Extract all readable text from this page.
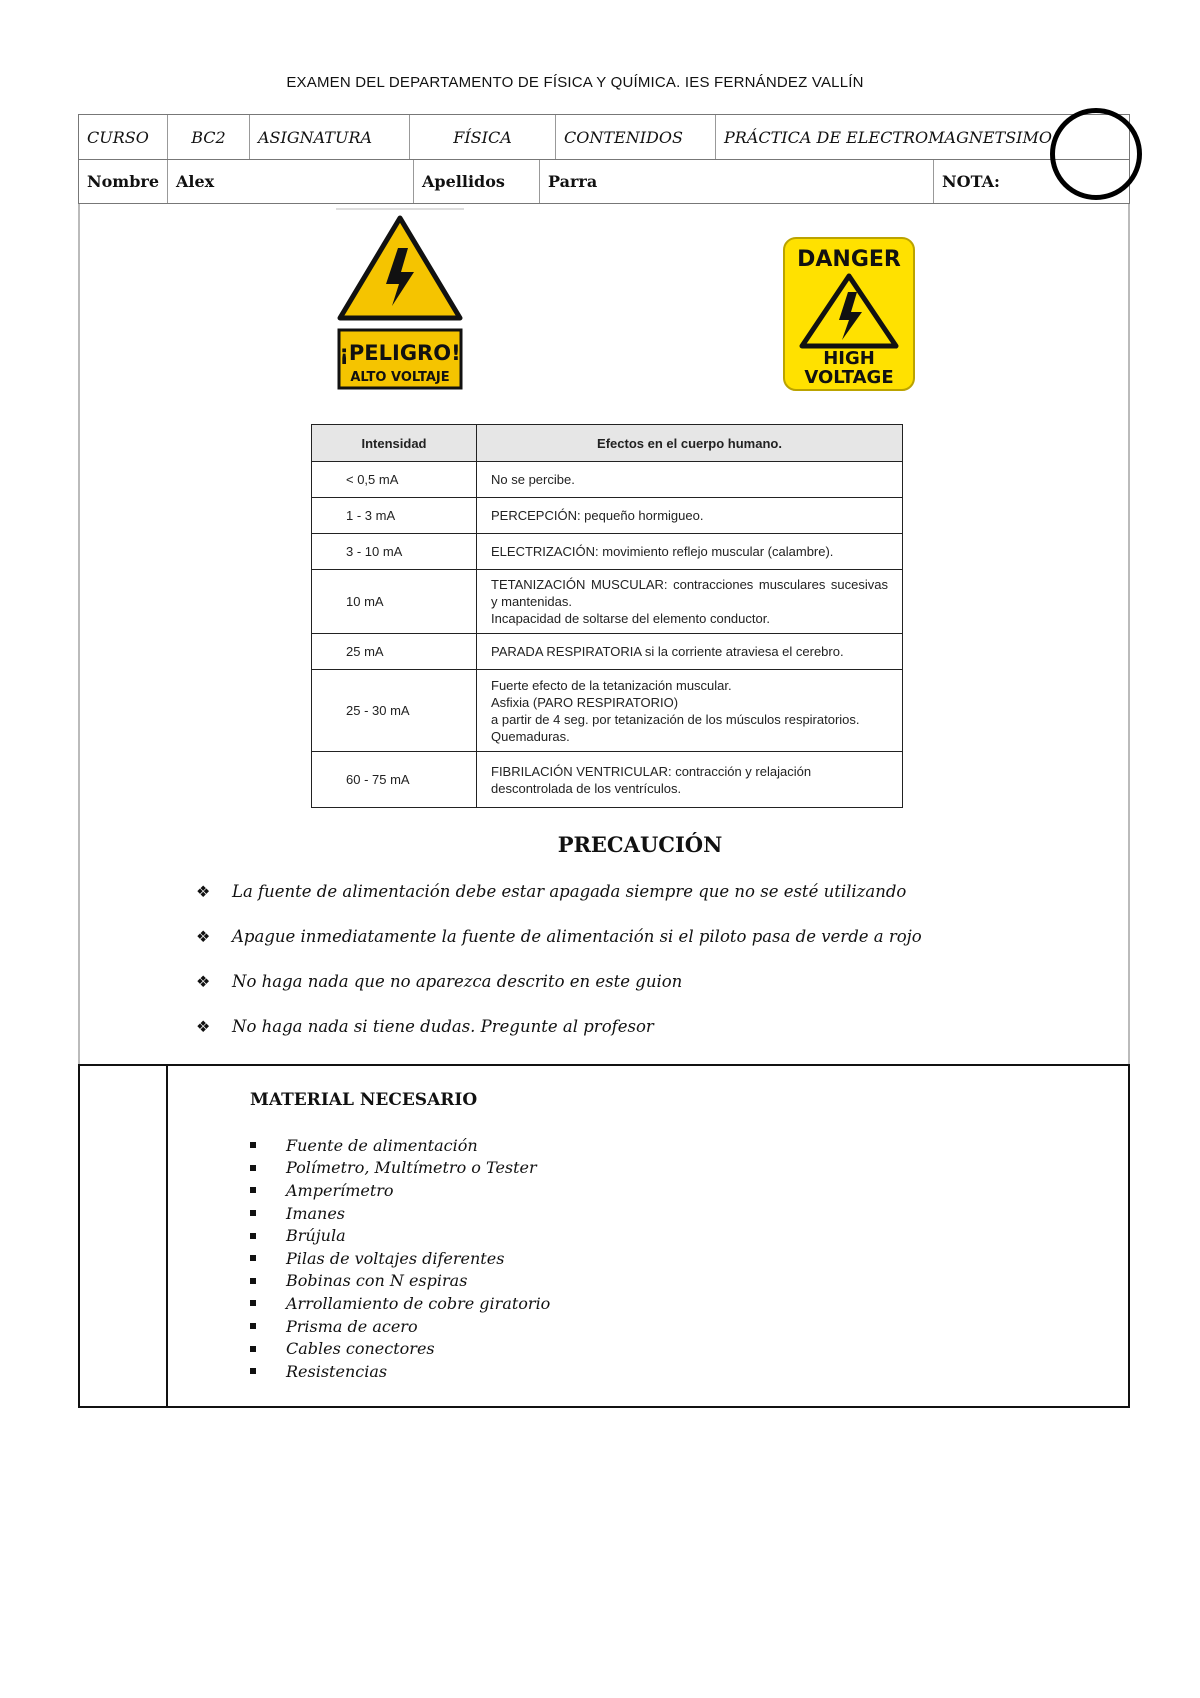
EXAMEN DEL DEPARTAMENTO DE FÍSICA Y QUÍMICA. IES FERNÁNDEZ VALLÍN
CURSO	BC2	ASIGNATURA	FÍSICA	CONTENIDOS	PRÁCTICA DE ELECTROMAGNETSIMO
Nombre	Alex	Apellidos	Parra	NOTA:
¡PELIGRO!
ALTO VOLTAJE
DANGER
HIGH
VOLTAGE
Intensidad	Efectos en el cuerpo humano.
< 0,5 mA	No se percibe.
1 - 3 mA	PERCEPCIÓN: pequeño hormigueo.
3 - 10 mA	ELECTRIZACIÓN: movimiento reflejo muscular (calambre).
10 mA	TETANIZACIÓN MUSCULAR: contracciones musculares sucesivas y mantenidas.
Incapacidad de soltarse del elemento conductor.
25 mA	PARADA RESPIRATORIA si la corriente atraviesa el cerebro.
25 - 30 mA	Fuerte efecto de la tetanización muscular.
Asfixia (PARO RESPIRATORIO)
a partir de 4 seg. por tetanización de los músculos respiratorios.
Quemaduras.
60 - 75 mA	FIBRILACIÓN VENTRICULAR: contracción y relajación descontrolada de los ventrículos.
PRECAUCIÓN
❖	La fuente de alimentación debe estar apagada siempre que no se esté utilizando
❖	Apague inmediatamente la fuente de alimentación si el piloto pasa de verde a rojo
❖	No haga nada que no aparezca descrito en este guion
❖	No haga nada si tiene dudas. Pregunte al profesor
MATERIAL NECESARIO
Fuente de alimentación
Polímetro, Multímetro o Tester
Amperímetro
Imanes
Brújula
Pilas de voltajes diferentes
Bobinas con N espiras
Arrollamiento de cobre giratorio
Prisma de acero
Cables conectores
Resistencias
